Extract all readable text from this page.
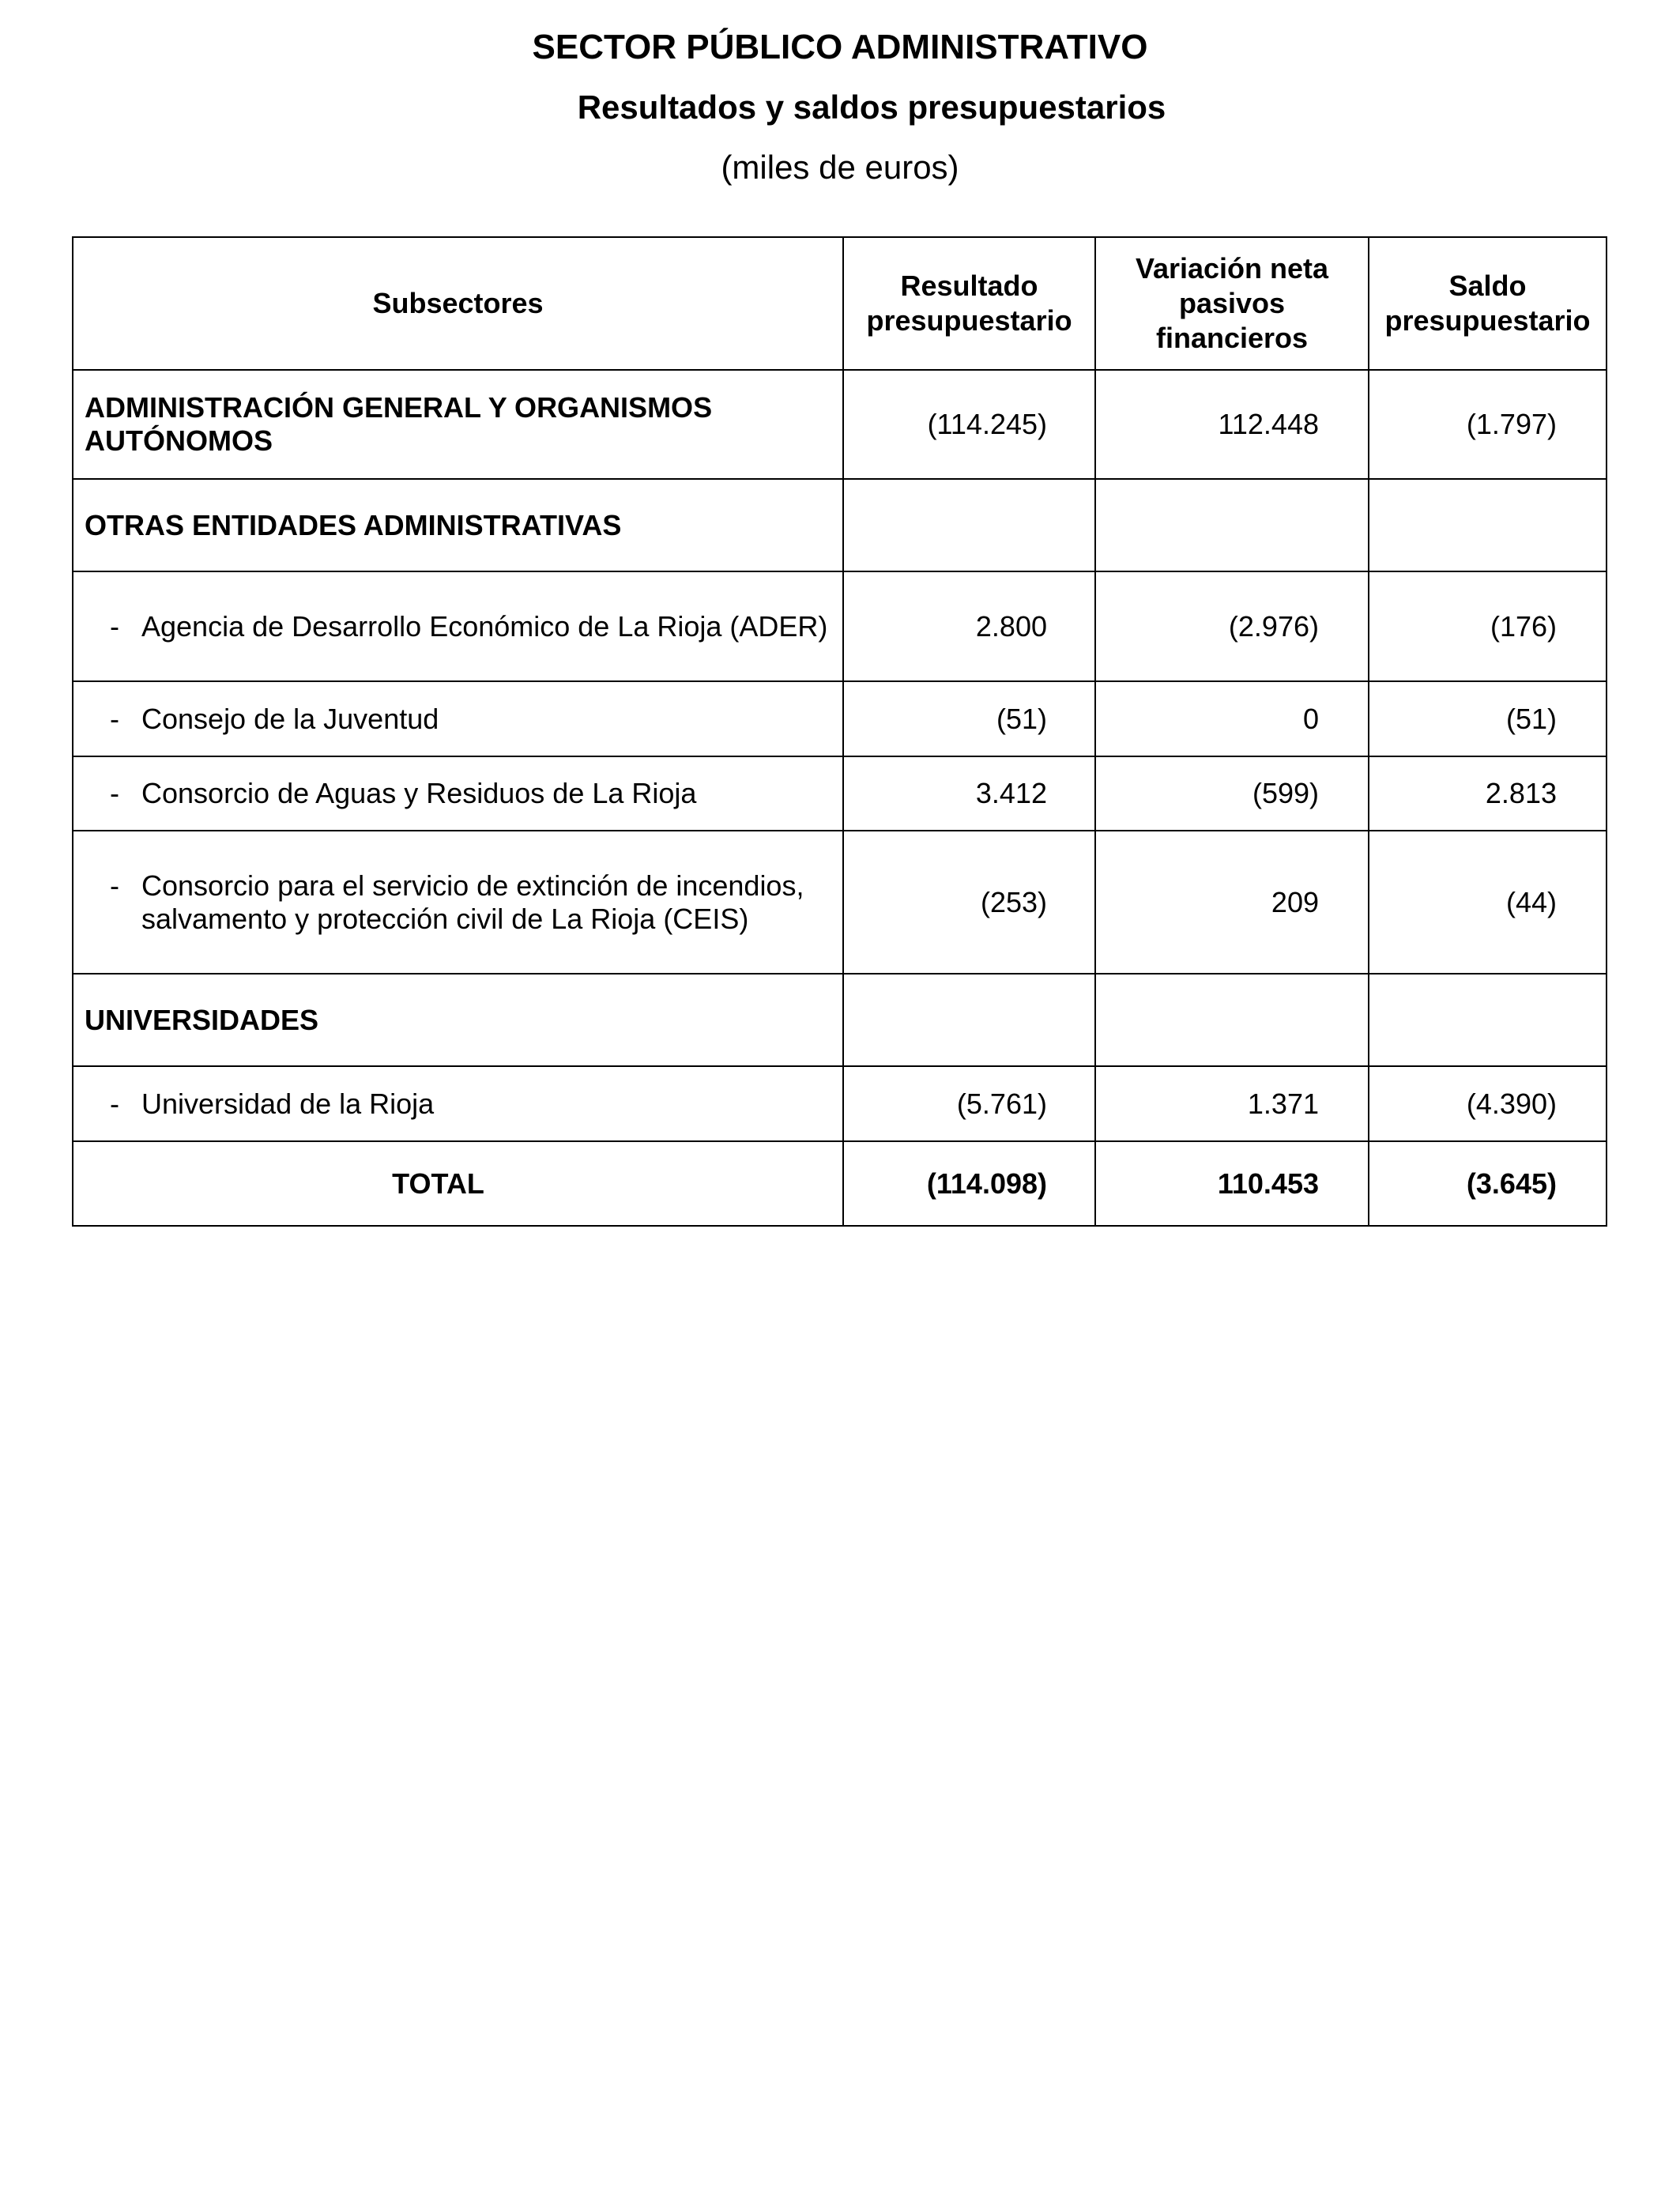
SECTOR PÚBLICO ADMINISTRATIVO
Resultados y saldos presupuestarios
(miles de euros)
Subsectores	Resultado presupuestario	Variación neta pasivos financieros	Saldo presupuestario

ADMINISTRACIÓN GENERAL Y ORGANISMOS AUTÓNOMOS	(114.245)	112.448	(1.797)
OTRAS ENTIDADES ADMINISTRATIVAS			

- Agencia de Desarrollo Económico de La Rioja (ADER)	2.800	(2.976)	(176)

- Consejo de la Juventud	(51)	0	(51)

- Consorcio de Aguas y Residuos de La Rioja	3.412	(599)	2.813

- Consorcio para el servicio de extinción de incendios, salvamento y protección civil de La Rioja (CEIS)	(253)	209	(44)
UNIVERSIDADES			

- Universidad de la Rioja	(5.761)	1.371	(4.390)
TOTAL	(114.098)	110.453	(3.645)
